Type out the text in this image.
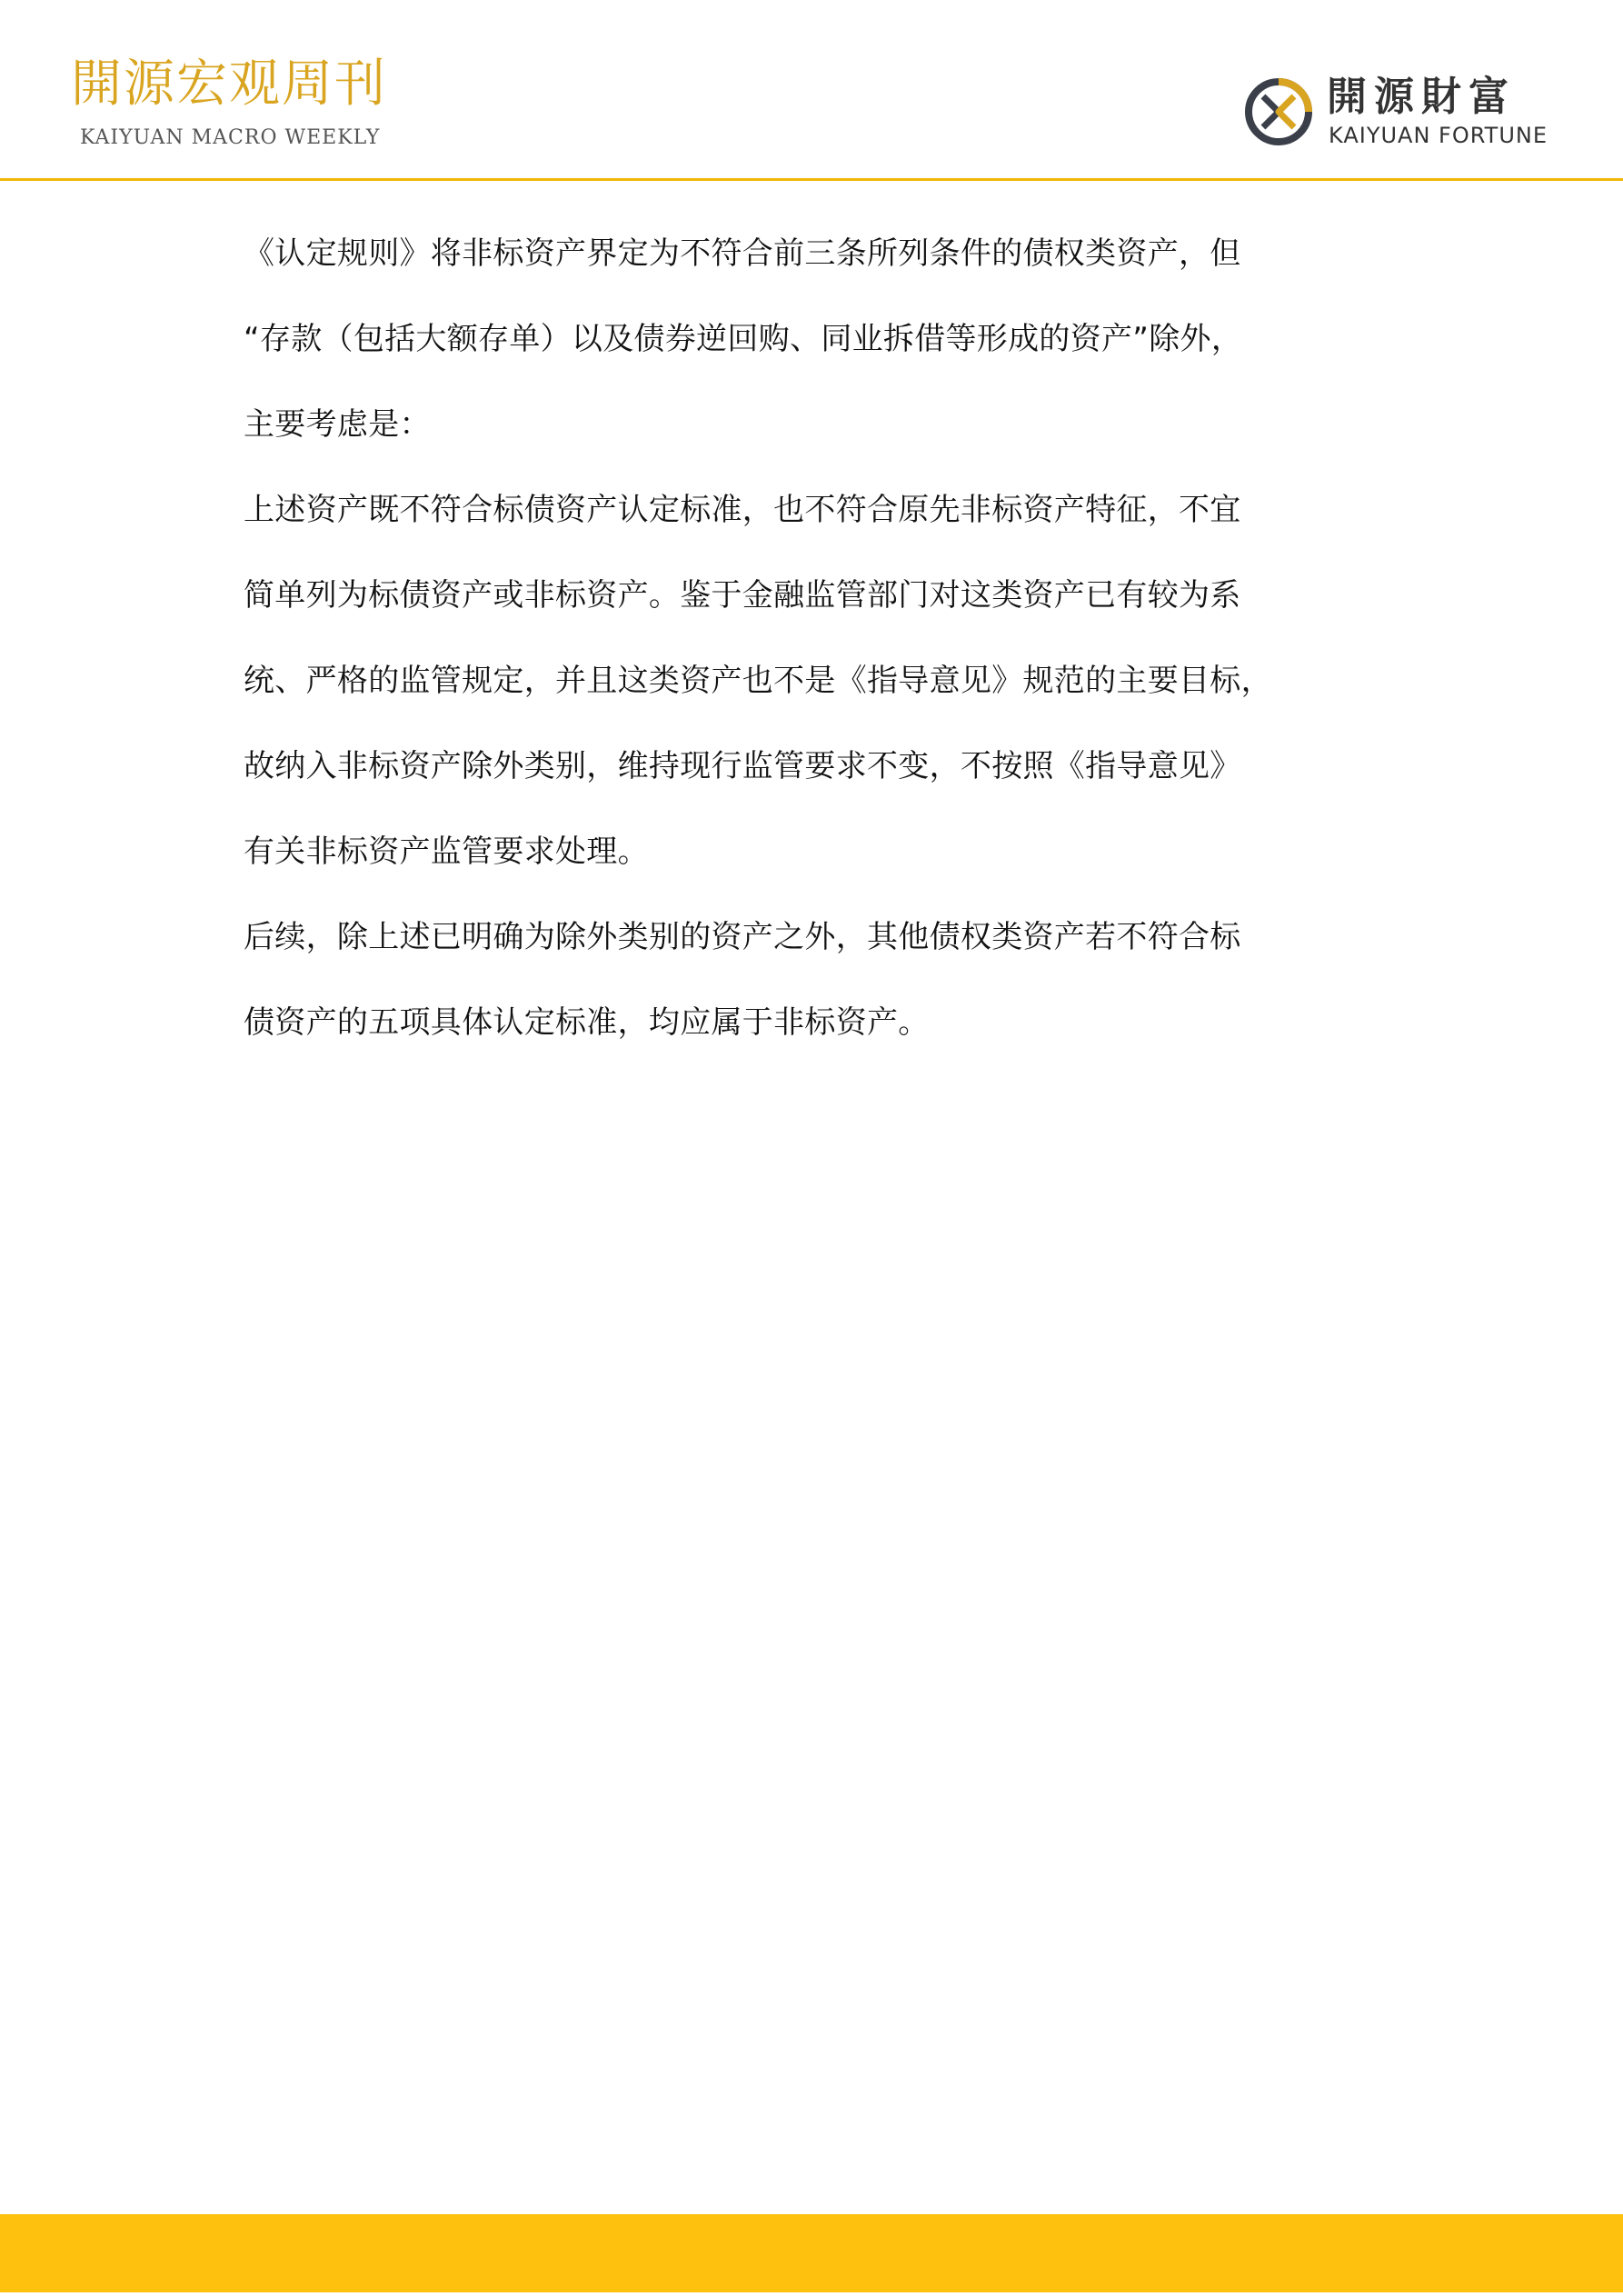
開源宏观周刊
KAIYUAN MACRO WEEKLY
開源財富
KAIYUAN FORTUNE
《认定规则》将非标资产界定为不符合前三条所列条件的债权类资产，但
“存款（包括大额存单）以及债券逆回购、同业拆借等形成的资产”除外，
主要考虑是：
上述资产既不符合标债资产认定标准，也不符合原先非标资产特征，不宜
简单列为标债资产或非标资产。鉴于金融监管部门对这类资产已有较为系
统、严格的监管规定，并且这类资产也不是《指导意见》规范的主要目标，
故纳入非标资产除外类别，维持现行监管要求不变，不按照《指导意见》
有关非标资产监管要求处理。
后续，除上述已明确为除外类别的资产之外，其他债权类资产若不符合标
债资产的五项具体认定标准，均应属于非标资产。
